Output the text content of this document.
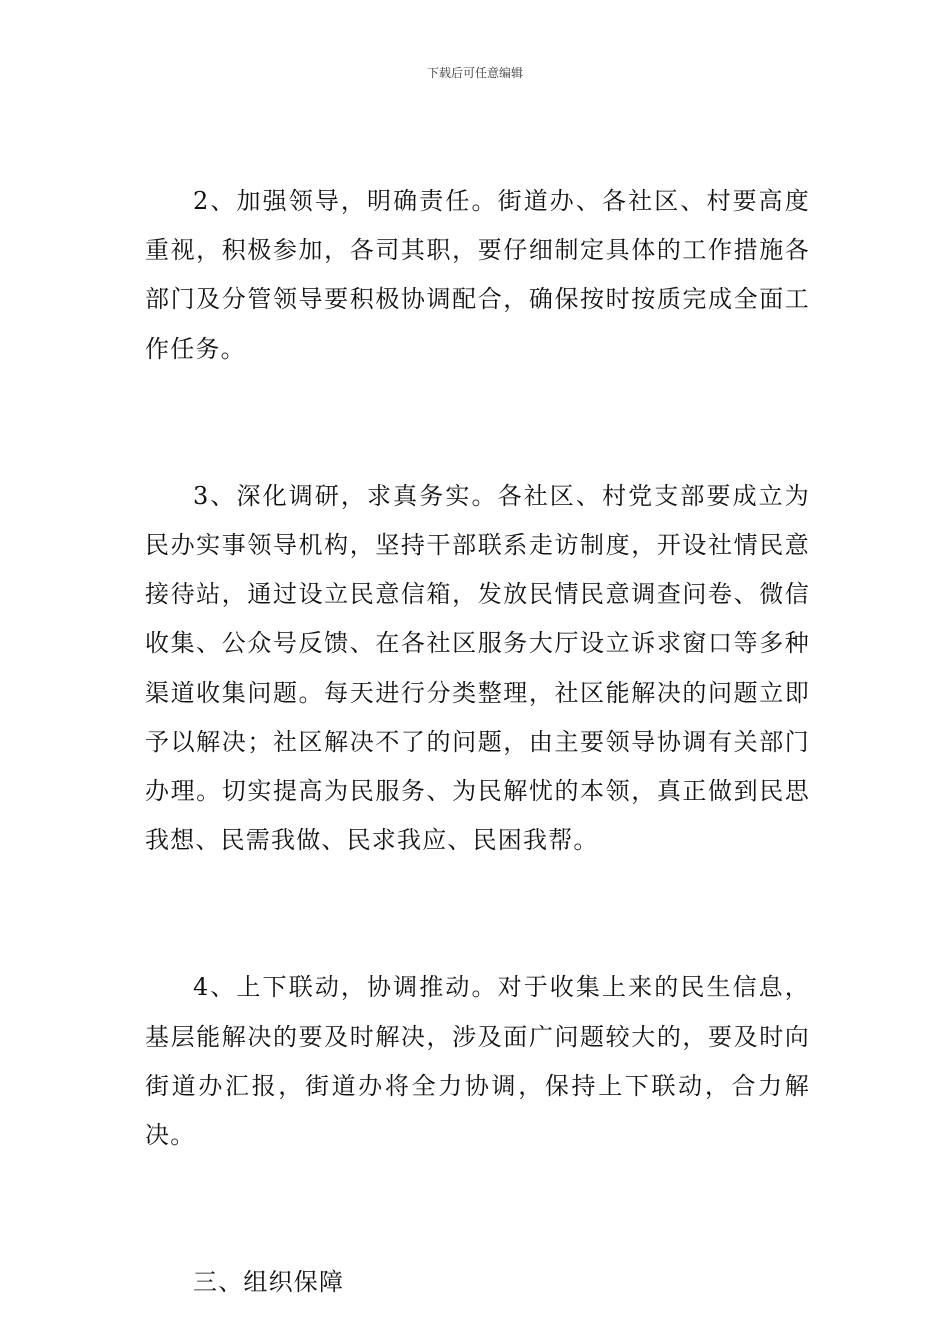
下载后可任意编辑

2、加强领导，明确责任。街道办、各社区、村要高度重视，积极参加，各司其职，要仔细制定具体的工作措施各部门及分管领导要积极协调配合，确保按时按质完成全面工作任务。

3、深化调研，求真务实。各社区、村党支部要成立为民办实事领导机构，坚持干部联系走访制度，开设社情民意接待站，通过设立民意信箱，发放民情民意调查问卷、微信收集、公众号反馈、在各社区服务大厅设立诉求窗口等多种渠道收集问题。每天进行分类整理，社区能解决的问题立即予以解决；社区解决不了的问题，由主要领导协调有关部门办理。切实提高为民服务、为民解忧的本领，真正做到民思我想、民需我做、民求我应、民困我帮。

4、上下联动，协调推动。对于收集上来的民生信息，基层能解决的要及时解决，涉及面广问题较大的，要及时向街道办汇报，街道办将全力协调，保持上下联动，合力解决。

三、组织保障
